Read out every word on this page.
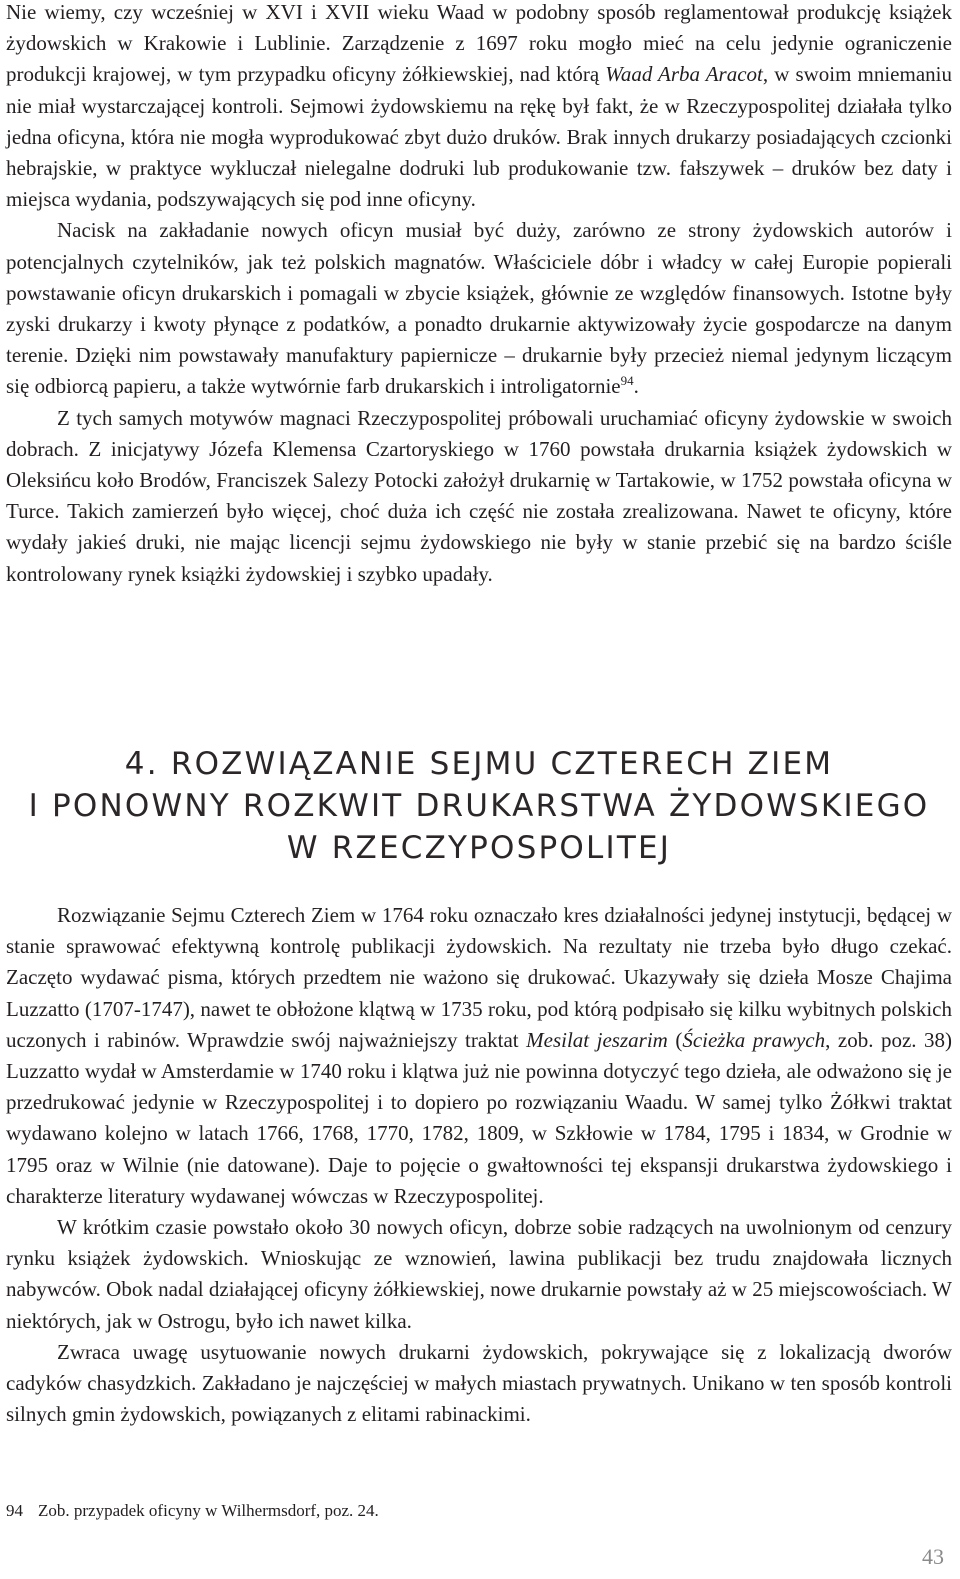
Nie wiemy, czy wcześniej w XVI i XVII wieku Waad w podobny sposób reglamentował produkcję książek żydowskich w Krakowie i Lublinie. Zarządzenie z 1697 roku mogło mieć na celu jedynie ograniczenie produkcji krajowej, w tym przypadku oficyny żółkiewskiej, nad którą Waad Arba Aracot, w swoim mniemaniu nie miał wystarczającej kontroli. Sejmowi żydowskiemu na rękę był fakt, że w Rzeczypospolitej działała tylko jedna oficyna, która nie mogła wyprodukować zbyt dużo druków. Brak innych drukarzy posiadających czcionki hebrajskie, w praktyce wykluczał nielegalne dodruki lub produkowanie tzw. fałszywek – druków bez daty i miejsca wydania, podszywających się pod inne oficyny.

Nacisk na zakładanie nowych oficyn musiał być duży, zarówno ze strony żydowskich autorów i potencjalnych czytelników, jak też polskich magnatów. Właściciele dóbr i władcy w całej Europie popierali powstawanie oficyn drukarskich i pomagali w zbycie książek, głównie ze względów finansowych. Istotne były zyski drukarzy i kwoty płynące z podatków, a ponadto drukarnie aktywizowały życie gospodarcze na danym terenie. Dzięki nim powstawały manufaktury papiernicze – drukarnie były przecież niemal jedynym liczącym się odbiorcą papieru, a także wytwórnie farb drukarskich i introligatornie$^{94}$.

Z tych samych motywów magnaci Rzeczypospolitej próbowali uruchamiać oficyny żydowskie w swoich dobrach. Z inicjatywy Józefa Klemensa Czartoryskiego w 1760 powstała drukarnia książek żydowskich w Oleksińcu koło Brodów, Franciszek Salezy Potocki założył drukarnię w Tartakowie, w 1752 powstała oficyna w Turce. Takich zamierzeń było więcej, choć duża ich część nie została zrealizowana. Nawet te oficyny, które wydały jakieś druki, nie mając licencji sejmu żydowskiego nie były w stanie przebić się na bardzo ściśle kontrolowany rynek książki żydowskiej i szybko upadały.

4. ROZWIĄZANIE SEJMU CZTERECH ZIEM
I PONOWNY ROZKWIT DRUKARSTWA ŻYDOWSKIEGO
W RZECZYPOSPOLITEJ

Rozwiązanie Sejmu Czterech Ziem w 1764 roku oznaczało kres działalności jedynej instytucji, będącej w stanie sprawować efektywną kontrolę publikacji żydowskich. Na rezultaty nie trzeba było długo czekać. Zaczęto wydawać pisma, których przedtem nie ważono się drukować. Ukazywały się dzieła Mosze Chajima Luzzatto (1707-1747), nawet te obłożone klątwą w 1735 roku, pod którą podpisało się kilku wybitnych polskich uczonych i rabinów. Wprawdzie swój najważniejszy traktat Mesilat jeszarim (Ścieżka prawych, zob. poz. 38) Luzzatto wydał w Amsterdamie w 1740 roku i klątwa już nie powinna dotyczyć tego dzieła, ale odważono się je przedrukować jedynie w Rzeczypospolitej i to dopiero po rozwiązaniu Waadu. W samej tylko Żółkwi traktat wydawano kolejno w latach 1766, 1768, 1770, 1782, 1809, w Szkłowie w 1784, 1795 i 1834, w Grodnie w 1795 oraz w Wilnie (nie datowane). Daje to pojęcie o gwałtowności tej ekspansji drukarstwa żydowskiego i charakterze literatury wydawanej wówczas w Rzeczypospolitej.

W krótkim czasie powstało około 30 nowych oficyn, dobrze sobie radzących na uwolnionym od cenzury rynku książek żydowskich. Wnioskując ze wznowień, lawina publikacji bez trudu znajdowała licznych nabywców. Obok nadal działającej oficyny żółkiewskiej, nowe drukarnie powstały aż w 25 miejscowościach. W niektórych, jak w Ostrogu, było ich nawet kilka.

Zwraca uwagę usytuowanie nowych drukarni żydowskich, pokrywające się z lokalizacją dworów cadyków chasydzkich. Zakładano je najczęściej w małych miastach prywatnych. Unikano w ten sposób kontroli silnych gmin żydowskich, powiązanych z elitami rabinackimi.

94 Zob. przypadek oficyny w Wilhermsdorf, poz. 24.

43
